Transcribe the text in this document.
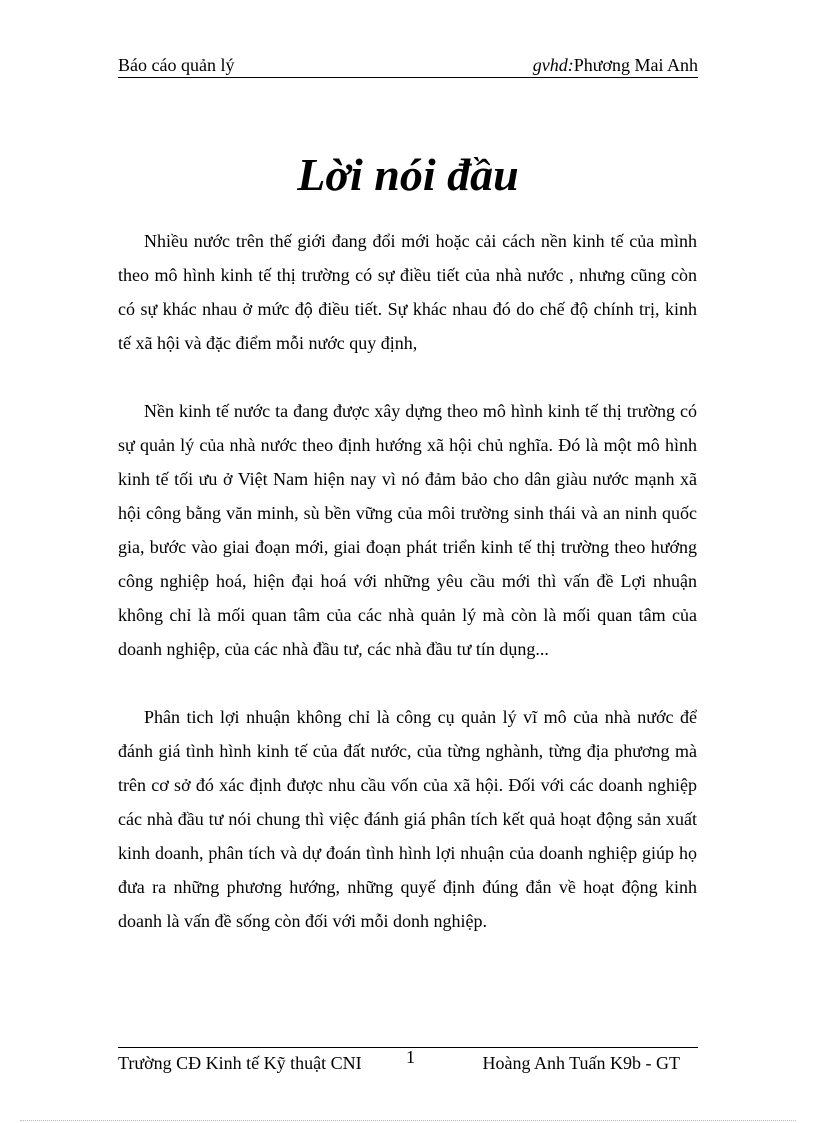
Báo cáo quản lý	gvhd:Phương Mai Anh
Lời nói đầu

Nhiều nước trên thế giới đang đổi mới hoặc cải cách nền kinh tế của mình theo mô hình kinh tế thị trường có sự điều tiết của nhà nước , nhưng cũng còn có sự khác nhau ở mức độ điều tiết. Sự khác nhau đó do chế độ chính trị, kinh tế xã hội và đặc điểm mỗi nước quy định,

Nền kinh tế nước ta đang được xây dựng theo mô hình kinh tế thị trường có sự quản lý của nhà nước theo định hướng xã hội chủ nghĩa. Đó là một mô hình kinh tế tối ưu ở Việt Nam hiện nay vì nó đảm bảo cho dân giàu nước mạnh xã hội công bằng văn minh, sù bền vững của môi trường sinh thái và an ninh quốc gia, bước vào giai đoạn mới, giai đoạn phát triển kinh tế thị trường theo hướng công nghiệp hoá, hiện đại hoá với những yêu cầu mới thì vấn đề Lợi nhuận không chỉ là mối quan tâm của các nhà quản lý mà còn là mối quan tâm của doanh nghiệp, của các nhà đầu tư, các nhà đầu tư tín dụng...

Phân tich lợi nhuận không chỉ là công cụ quản lý vĩ mô của nhà nước để đánh giá tình hình kinh tế của đất nước, của từng nghành, từng địa phương mà trên cơ sở đó xác định được nhu cầu vốn của xã hội. Đối với các doanh nghiệp các nhà đầu tư nói chung thì việc đánh giá phân tích kết quả hoạt động sản xuất kinh doanh, phân tích và dự đoán tình hình lợi nhuận của doanh nghiệp giúp họ đưa ra những phương hướng, những quyế định đúng đắn về hoạt động kinh doanh là vấn đề sống còn đối với mỗi donh nghiệp.

Trường CĐ Kinh tế Kỹ thuật CNI 1	Hoàng Anh Tuấn K9b - GT
